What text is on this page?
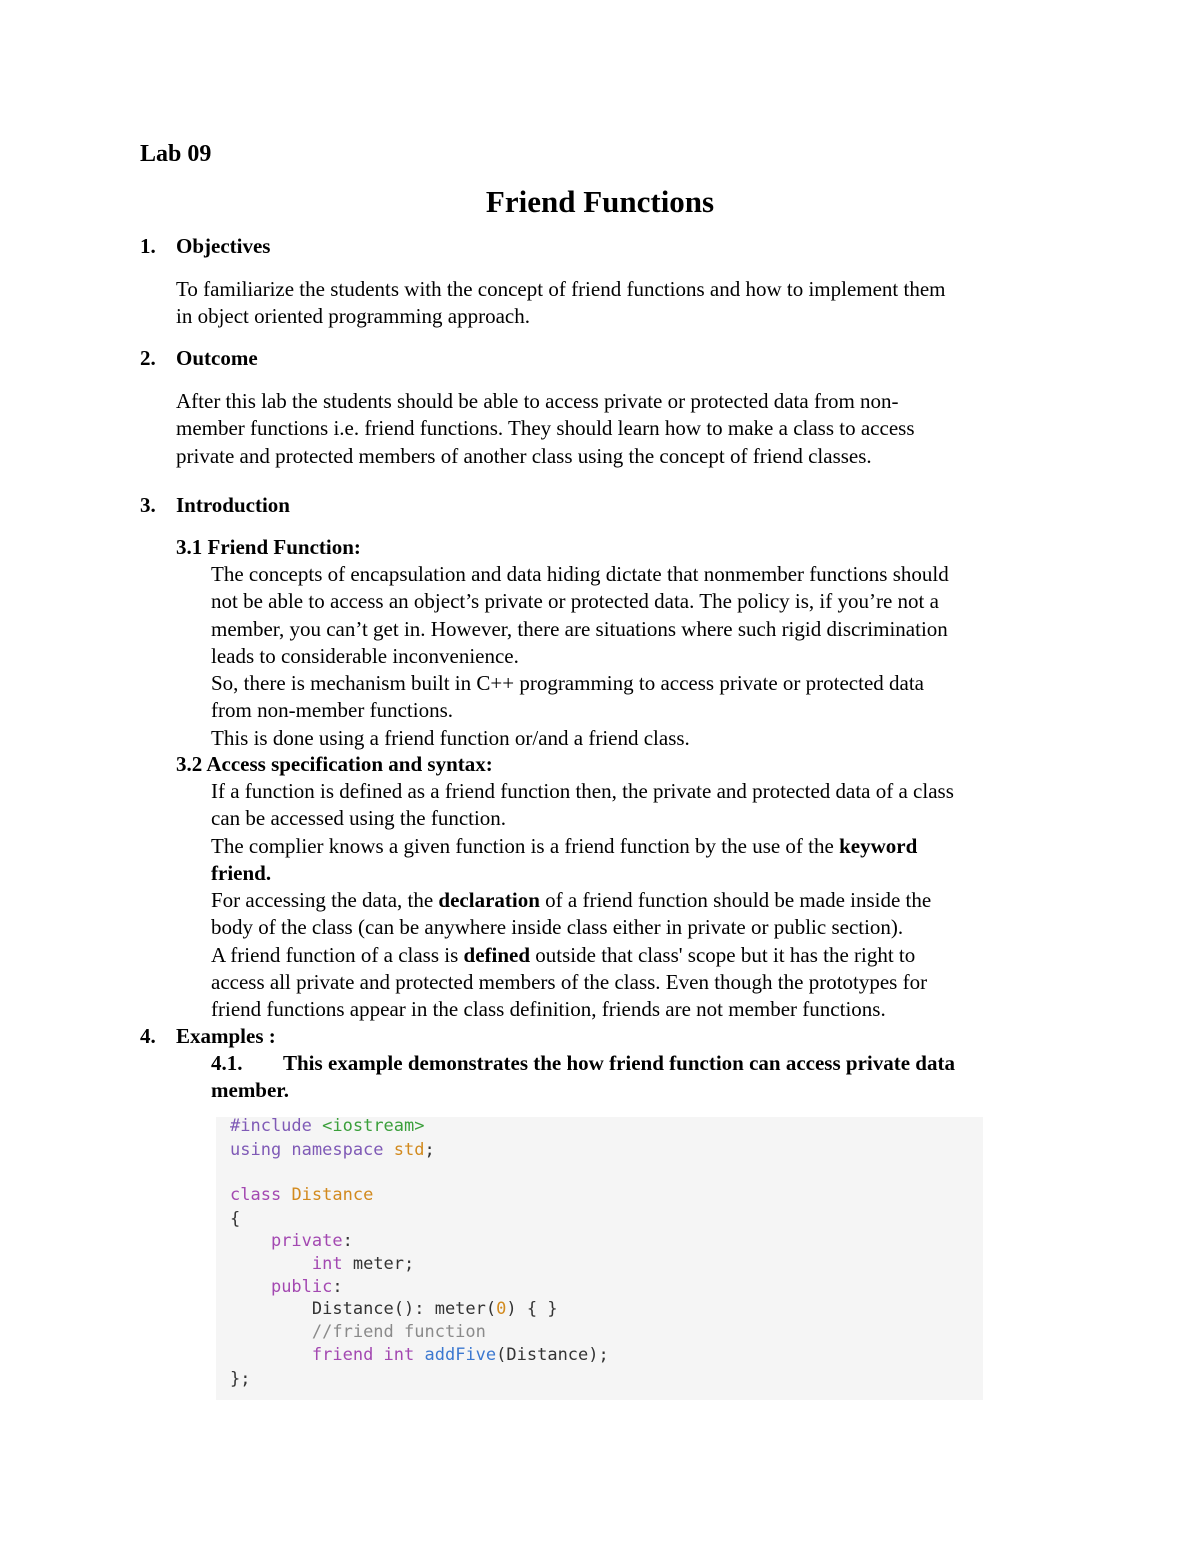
Lab 09
Friend Functions
1. Objectives
To familiarize the students with the concept of friend functions and how to implement them
in object oriented programming approach.
2. Outcome
After this lab the students should be able to access private or protected data from non-
member functions i.e. friend functions. They should learn how to make a class to access
private and protected members of another class using the concept of friend classes.
3. Introduction
3.1 Friend Function:
The concepts of encapsulation and data hiding dictate that nonmember functions should
not be able to access an object’s private or protected data. The policy is, if you’re not a
member, you can’t get in. However, there are situations where such rigid discrimination
leads to considerable inconvenience.
So, there is mechanism built in C++ programming to access private or protected data
from non-member functions.
This is done using a friend function or/and a friend class.
3.2 Access specification and syntax:
If a function is defined as a friend function then, the private and protected data of a class
can be accessed using the function.
The complier knows a given function is a friend function by the use of the keyword
friend.
For accessing the data, the declaration of a friend function should be made inside the
body of the class (can be anywhere inside class either in private or public section).
A friend function of a class is defined outside that class' scope but it has the right to
access all private and protected members of the class. Even though the prototypes for
friend functions appear in the class definition, friends are not member functions.
4. Examples :
4.1. This example demonstrates the how friend function can access private data
member.
#include <iostream>
using namespace std;
class Distance
{
private:
int meter;
public:
Distance(): meter(0) { }
//friend function
friend int addFive(Distance);
};
